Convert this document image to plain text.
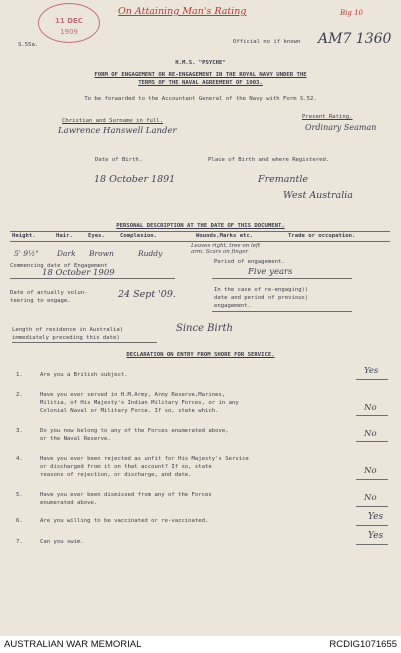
11 DEC
1909
On Attaining Man's Rating	Big 10
S.55a.	Official no if known AM7 1360
H.M.S. "PSYCHE"
FORM OF ENGAGEMENT OR RE-ENGAGEMENT IN THE ROYAL NAVY UNDER THE
TERMS OF THE NAVAL AGREEMENT OF 1903.
To be forwarded to the Accountant General of the Navy with Form S.52.
Christian and Surname in full.
Present Rating.
Lawrence Hanswell Lander	Ordinary Seaman
Date of Birth.	Place of Birth and where Registered.
18 October 1891	Fremantle
West Australia
PERSONAL DESCRIPTION AT THE DATE OF THIS DOCUMENT.
Height.	Hair.	Eyes.	Complexion.	Wounds,Marks etc.	Trade or occupation.
5' 9½" Dark Brown	Ruddy
Leaves right, tree on left arm. Scars on finger
Commencing date of Engagement
18 October 1909
Period of engagement.
Five years
Date of actually volun-
teering to engage.
24 Sept '09.	In the case of re-engaging))
date and period of previous)
engagement.
Length of residence in Australia)
immediately preceding this date)
Since Birth
DECLARATION ON ENTRY FROM SHORE FOR SERVICE.
1.	Are you a British subject.	Yes
2.	Have you ever served in H.M.Army, Army Reserve,Marines,
Militia, of His Majesty's Indian Military Forces, or in any
Colonial Naval or Military Force. If so, state which.	No
3.	Do you now belong to any of the Forces enumerated above,
or the Naval Reserve.	No
4.	Have you ever been rejected as unfit for His Majesty's Service
or discharged from it on that account? If so, state
reasons of rejection, or discharge, and date.	No
5.	Have you ever been dismissed from any of the Forces
enumerated above.	No
6.	Are you willing to be vaccinated or re-vaccinated.	Yes
7.	Can you swim.
Yes
AUSTRALIAN WAR MEMORIAL	RCDIG1071655
